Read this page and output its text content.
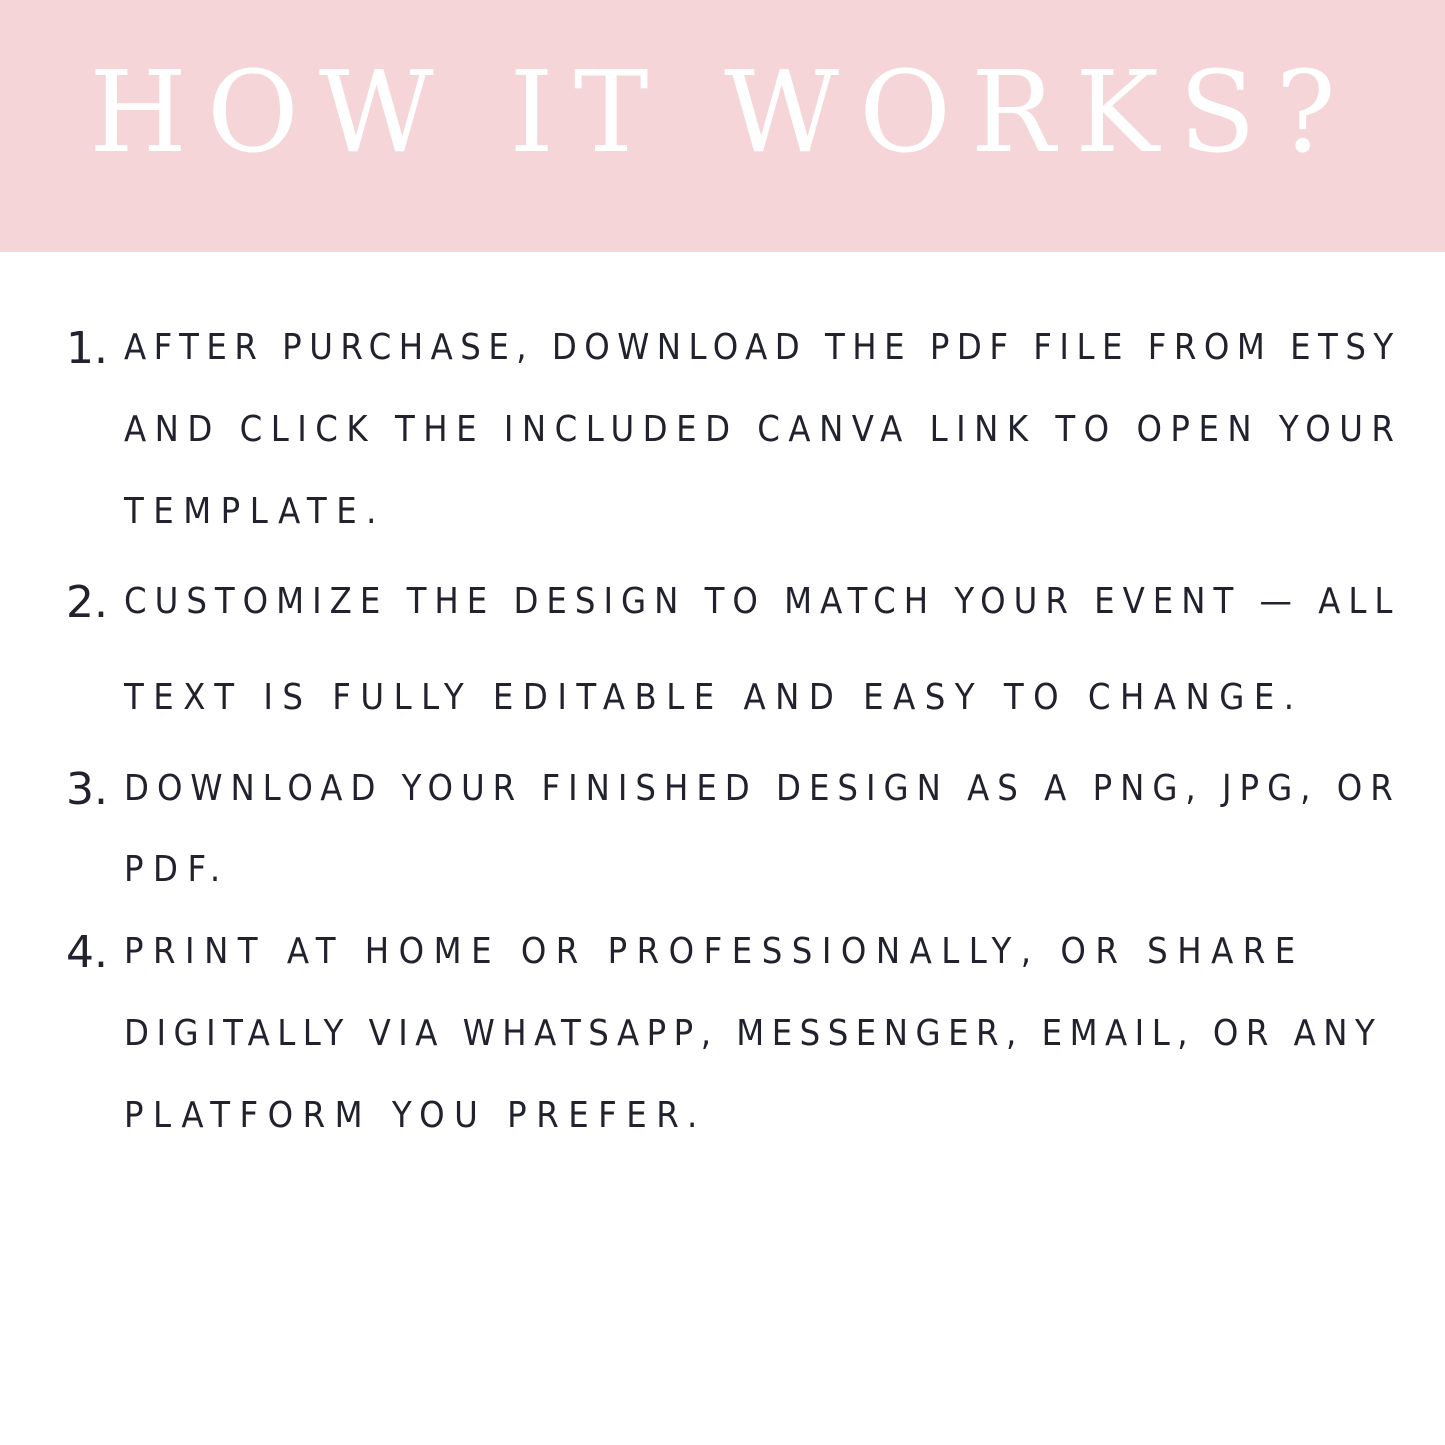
HOW IT WORKS?
1. AFTER PURCHASE, DOWNLOAD THE PDF FILE FROM ETSY
AND CLICK THE INCLUDED CANVA LINK TO OPEN YOUR
TEMPLATE.
2. CUSTOMIZE THE DESIGN TO MATCH YOUR EVENT — ALL
TEXT IS FULLY EDITABLE AND EASY TO CHANGE.
3. DOWNLOAD YOUR FINISHED DESIGN AS A PNG, JPG, OR
PDF.
4. PRINT AT HOME OR PROFESSIONALLY, OR SHARE
DIGITALLY VIA WHATSAPP, MESSENGER, EMAIL, OR ANY
PLATFORM YOU PREFER.
